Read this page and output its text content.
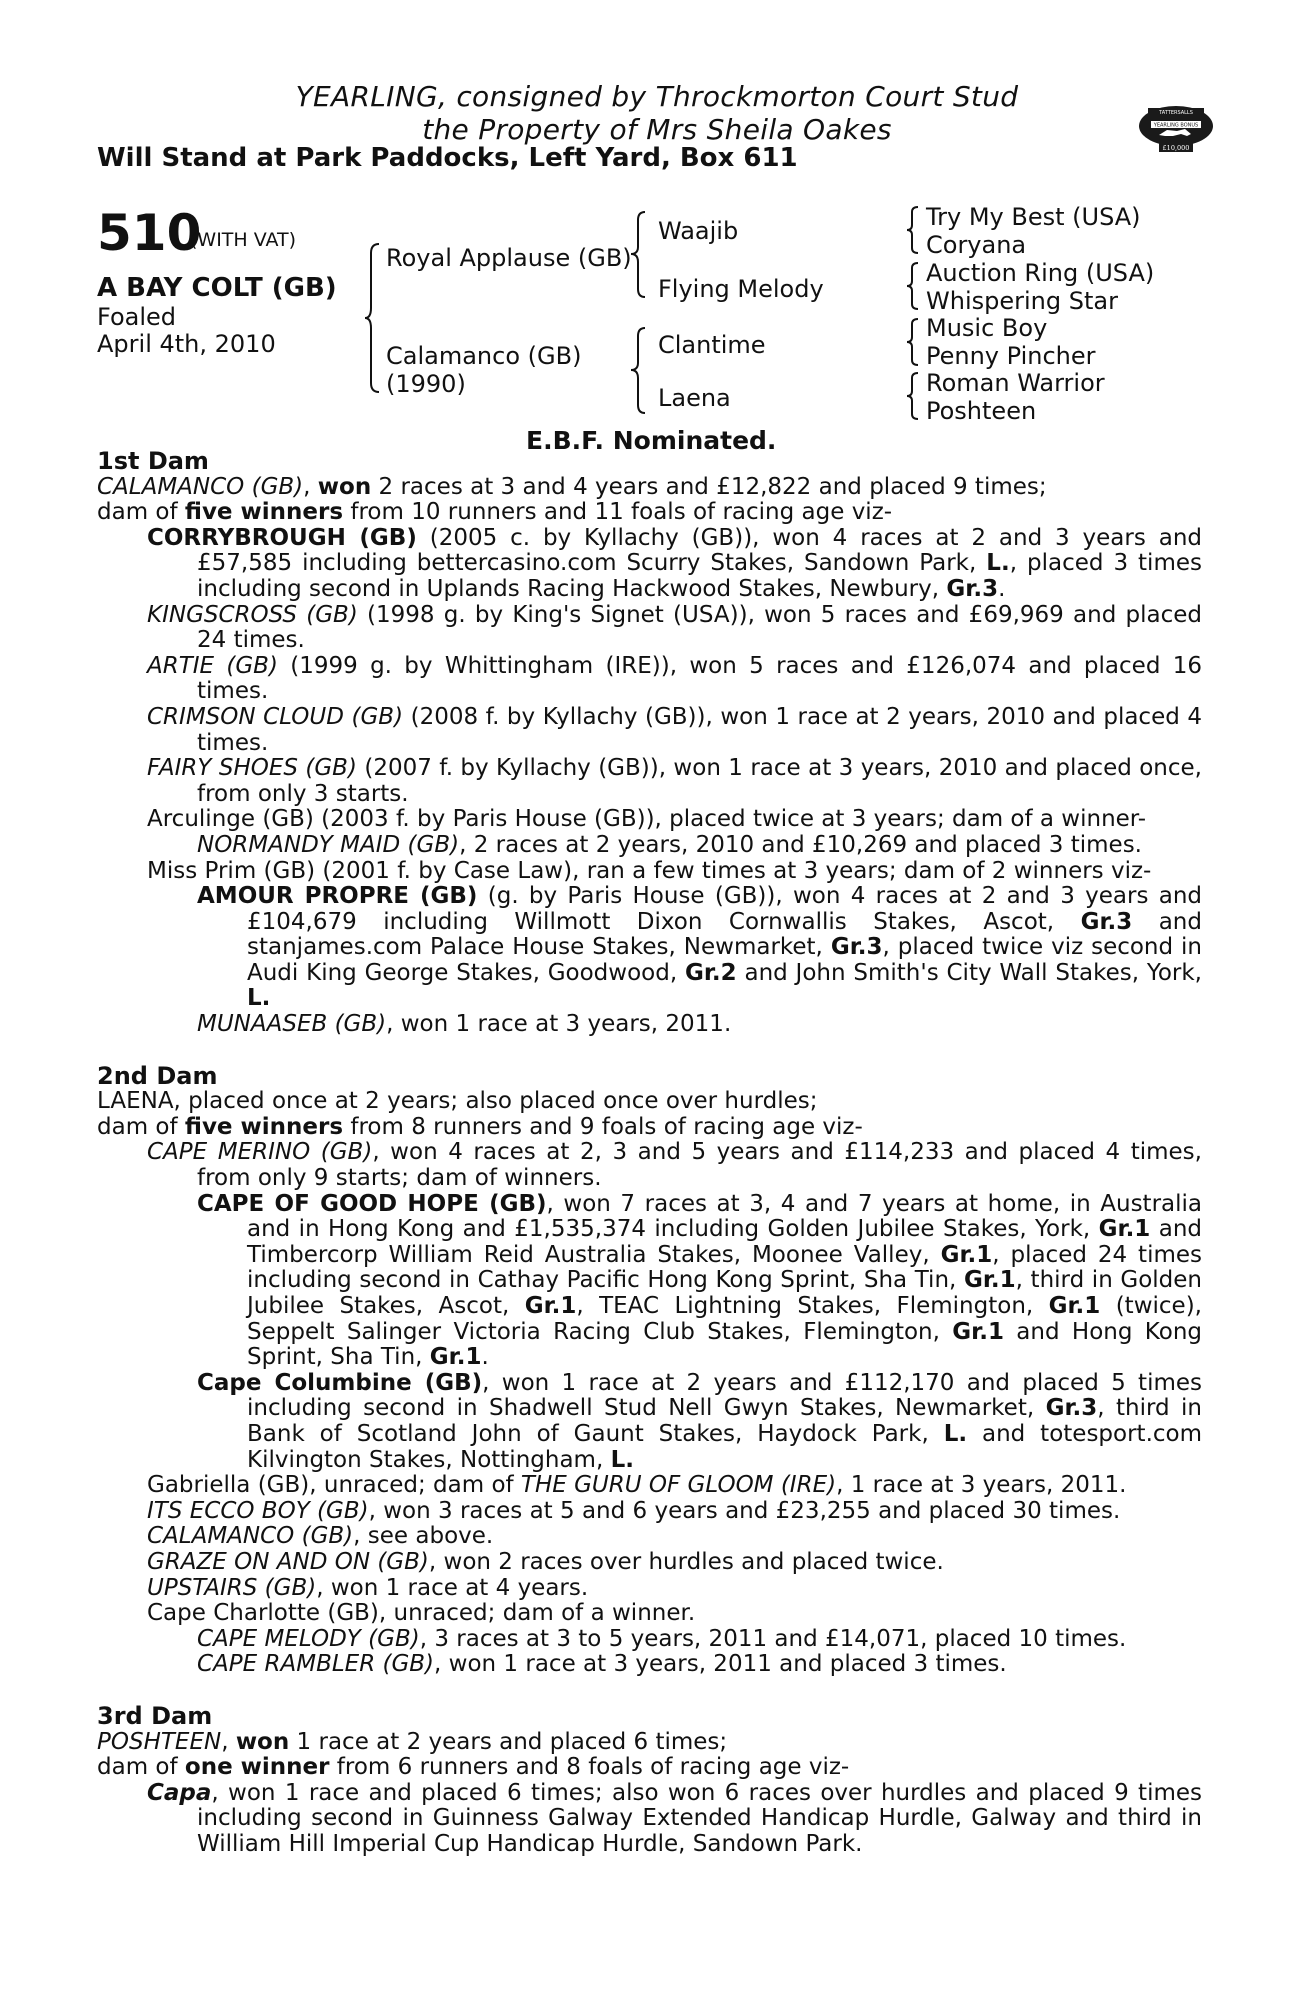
YEARLING, consigned by Throckmorton Court Stud
the Property of Mrs Sheila Oakes
Will Stand at Park Paddocks, Left Yard, Box 611
TATTERSALLS
YEARLING BONUS
£10,000
510
(WITH VAT)
A BAY COLT (GB)
Foaled
April 4th, 2010
Royal Applause (GB)
Calamanco (GB)
(1990)
Waajib
Flying Melody
Clantime
Laena
Try My Best (USA)
Coryana
Auction Ring (USA)
Whispering Star
Music Boy
Penny Pincher
Roman Warrior
Poshteen
E.B.F. Nominated.

1st Dam

CALAMANCO (GB), won 2 races at 3 and 4 years and £12,822 and placed 9 times;

dam of five winners from 10 runners and 11 foals of racing age viz-

CORRYBROUGH (GB) (2005 c. by Kyllachy (GB)), won 4 races at 2 and 3 years and £57,585 including bettercasino.com Scurry Stakes, Sandown Park, L., placed 3 times including second in Uplands Racing Hackwood Stakes, Newbury, Gr.3.

KINGSCROSS (GB) (1998 g. by King's Signet (USA)), won 5 races and £69,969 and placed 24 times.

ARTIE (GB) (1999 g. by Whittingham (IRE)), won 5 races and £126,074 and placed 16 times.

CRIMSON CLOUD (GB) (2008 f. by Kyllachy (GB)), won 1 race at 2 years, 2010 and placed 4 times.

FAIRY SHOES (GB) (2007 f. by Kyllachy (GB)), won 1 race at 3 years, 2010 and placed once, from only 3 starts.

Arculinge (GB) (2003 f. by Paris House (GB)), placed twice at 3 years; dam of a winner-

NORMANDY MAID (GB), 2 races at 2 years, 2010 and £10,269 and placed 3 times.

Miss Prim (GB) (2001 f. by Case Law), ran a few times at 3 years; dam of 2 winners viz-

AMOUR PROPRE (GB) (g. by Paris House (GB)), won 4 races at 2 and 3 years and £104,679 including Willmott Dixon Cornwallis Stakes, Ascot, Gr.3 and stanjames.com Palace House Stakes, Newmarket, Gr.3, placed twice viz second in Audi King George Stakes, Goodwood, Gr.2 and John Smith's City Wall Stakes, York, L.

MUNAASEB (GB), won 1 race at 3 years, 2011.

2nd Dam

LAENA, placed once at 2 years; also placed once over hurdles;

dam of five winners from 8 runners and 9 foals of racing age viz-

CAPE MERINO (GB), won 4 races at 2, 3 and 5 years and £114,233 and placed 4 times, from only 9 starts; dam of winners.

CAPE OF GOOD HOPE (GB), won 7 races at 3, 4 and 7 years at home, in Australia and in Hong Kong and £1,535,374 including Golden Jubilee Stakes, York, Gr.1 and Timbercorp William Reid Australia Stakes, Moonee Valley, Gr.1, placed 24 times including second in Cathay Pacific Hong Kong Sprint, Sha Tin, Gr.1, third in Golden Jubilee Stakes, Ascot, Gr.1, TEAC Lightning Stakes, Flemington, Gr.1 (twice), Seppelt Salinger Victoria Racing Club Stakes, Flemington, Gr.1 and Hong Kong Sprint, Sha Tin, Gr.1.

Cape Columbine (GB), won 1 race at 2 years and £112,170 and placed 5 times including second in Shadwell Stud Nell Gwyn Stakes, Newmarket, Gr.3, third in Bank of Scotland John of Gaunt Stakes, Haydock Park, L. and totesport.com Kilvington Stakes, Nottingham, L.

Gabriella (GB), unraced; dam of THE GURU OF GLOOM (IRE), 1 race at 3 years, 2011.

ITS ECCO BOY (GB), won 3 races at 5 and 6 years and £23,255 and placed 30 times.

CALAMANCO (GB), see above.

GRAZE ON AND ON (GB), won 2 races over hurdles and placed twice.

UPSTAIRS (GB), won 1 race at 4 years.

Cape Charlotte (GB), unraced; dam of a winner.

CAPE MELODY (GB), 3 races at 3 to 5 years, 2011 and £14,071, placed 10 times.

CAPE RAMBLER (GB), won 1 race at 3 years, 2011 and placed 3 times.

3rd Dam

POSHTEEN, won 1 race at 2 years and placed 6 times;

dam of one winner from 6 runners and 8 foals of racing age viz-

Capa, won 1 race and placed 6 times; also won 6 races over hurdles and placed 9 times including second in Guinness Galway Extended Handicap Hurdle, Galway and third in William Hill Imperial Cup Handicap Hurdle, Sandown Park.
